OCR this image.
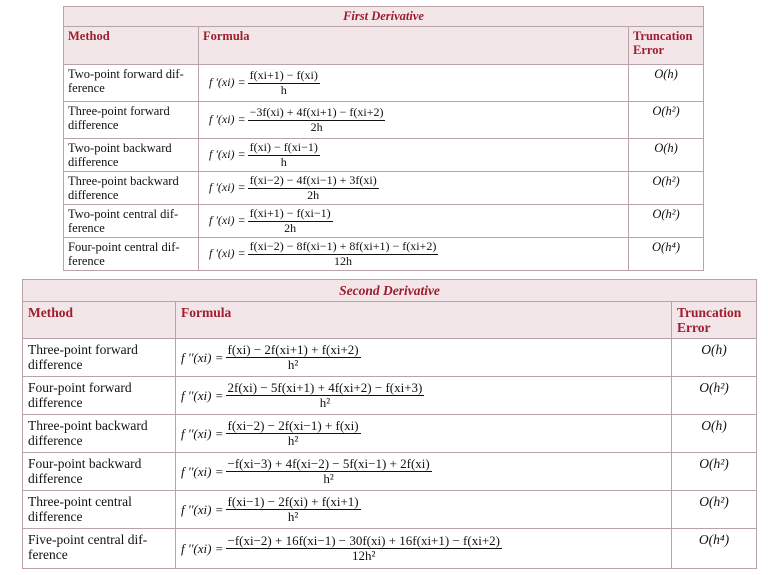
First Derivative		
Method	Formula	Truncation Error
Two-point forward dif-ference	f '$(xi) = \frac{f(xi+1) - f(xi)}{h}$	O(h)
Three-point forward difference	f '$(xi) = \frac{-3f(xi) + 4f(xi+1) - f(xi+2)}{2h}$	O(h²)
Two-point backward difference	f '$(xi) = \frac{f(xi) - f(xi-1)}{h}$	O(h)
Three-point backward difference	f '$(xi) = \frac{f(xi-2) - 4f(xi-1) + 3f(xi)}{2h}$	O(h²)
Two-point central dif-ference	f '$(xi) = \frac{f(xi+1) - f(xi-1)}{2h}$	O(h²)
Four-point central dif-ference	f '$(xi) = \frac{f(xi-2) - 8f(xi-1) + 8f(xi+1) - f(xi+2)}{12h}$	O(h⁴)
Second Derivative		
Method	Formula	Truncation Error
Three-point forward difference	f ''$(xi) = \frac{f(xi) - 2f(xi+1) + f(xi+2)}{\text{h²}}$	O(h)
Four-point forward difference	f ''$(xi) = \frac{2f(xi) - 5f(xi+1) + 4f(xi+2) - f(xi+3)}{\text{h²}}$	O(h²)
Three-point backward difference	f ''$(xi) = \frac{f(xi-2) - 2f(xi-1) + f(xi)}{\text{h²}}$	O(h)
Four-point backward difference	f ''$(xi) = \frac{-f(xi-3) + 4f(xi-2) - 5f(xi-1) + 2f(xi)}{\text{h²}}$	O(h²)
Three-point central difference	f ''$(xi) = \frac{f(xi-1) - 2f(xi) + f(xi+1)}{\text{h²}}$	O(h²)
Five-point central dif-ference	f ''$(xi) = \frac{-f(xi-2) + 16f(xi-1) - 30f(xi) + 16f(xi+1) - f(xi+2)}{\text{12h²}}$	O(h⁴)
